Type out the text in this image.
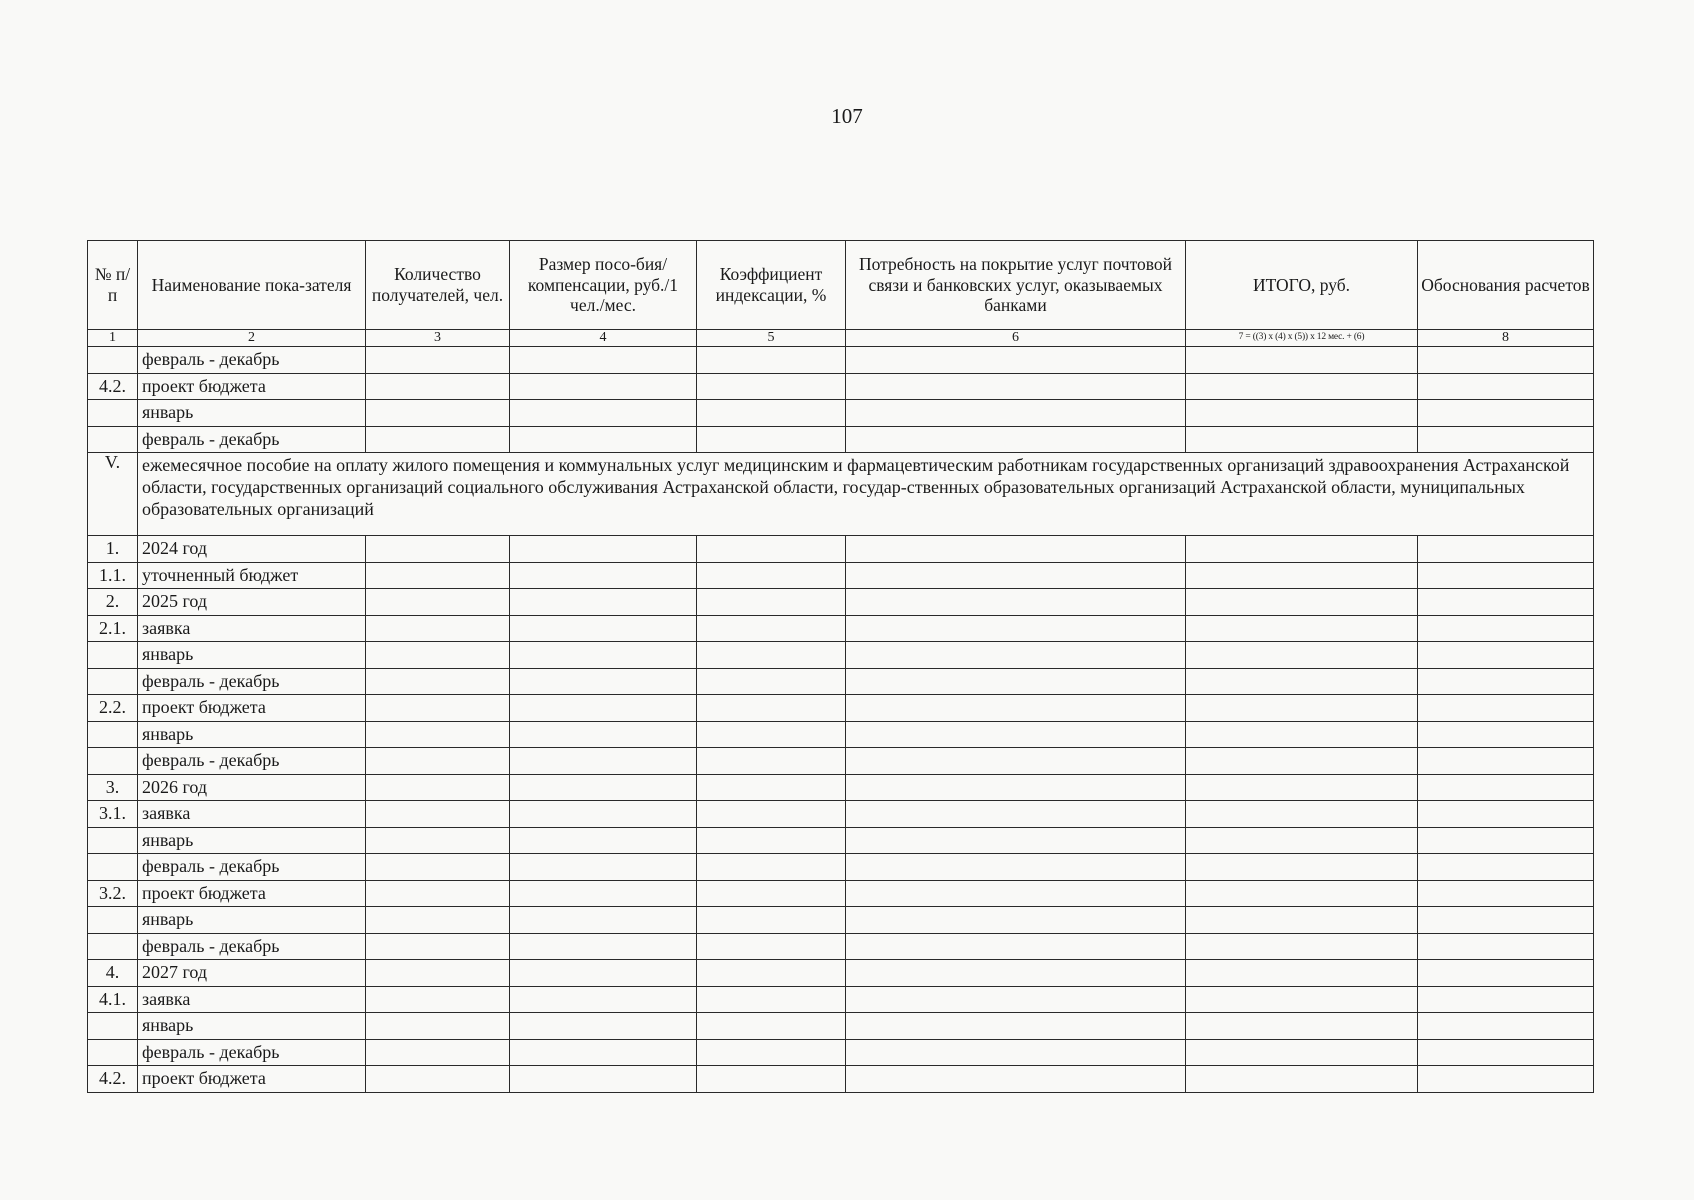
107
№ п/п	Наименование пока-зателя	Количество получателей, чел.	Размер посо-бия/компенсации, руб./1 чел./мес.	Коэффициент индексации, %	Потребность на покрытие услуг почтовой связи и банковских услуг, оказываемых банками	ИТОГО, руб.	Обоснования расчетов
1	2	3	4	5	6	7 = ((3) x (4) x (5)) x 12 мес. + (6)	8
	февраль - декабрь						
4.2.	проект бюджета						
	январь						
	февраль - декабрь						
V.	ежемесячное пособие на оплату жилого помещения и коммунальных услуг медицинским и фармацевтическим работникам государственных организаций здравоохранения Астраханской области, государственных организаций социального обслуживания Астраханской области, государ-ственных образовательных организаций Астраханской области, муниципальных образовательных организаций						
1.	2024 год						
1.1.	уточненный бюджет						
2.	2025 год						
2.1.	заявка						
	январь						
	февраль - декабрь						
2.2.	проект бюджета						
	январь						
	февраль - декабрь						
3.	2026 год						
3.1.	заявка						
	январь						
	февраль - декабрь						
3.2.	проект бюджета						
	январь						
	февраль - декабрь						
4.	2027 год						
4.1.	заявка						
	январь						
	февраль - декабрь						
4.2.	проект бюджета						
